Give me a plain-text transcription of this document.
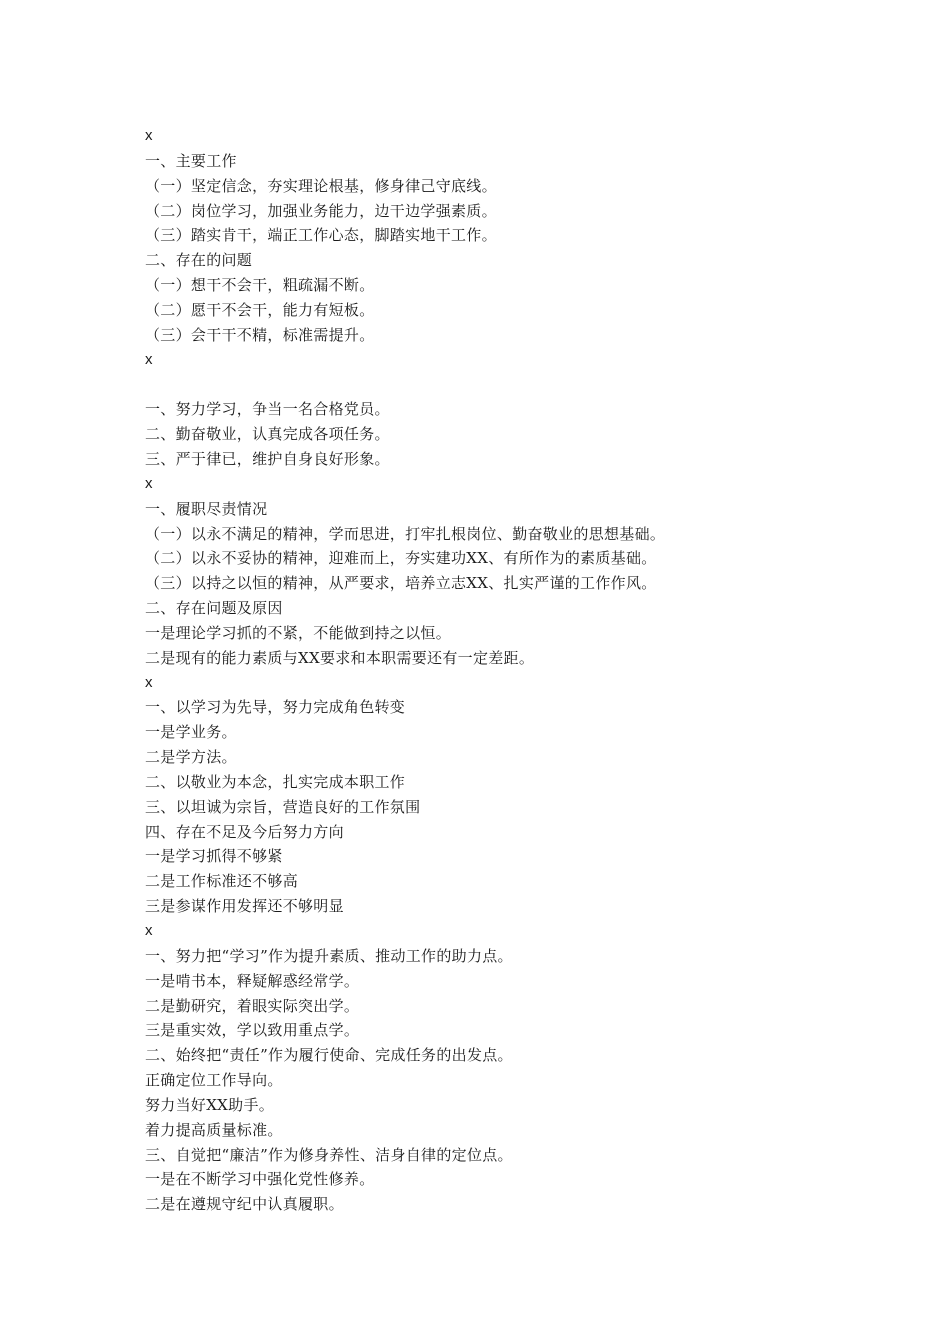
x
一、主要工作
（一）坚定信念，夯实理论根基，修身律己守底线。
（二）岗位学习，加强业务能力，边干边学强素质。
（三）踏实肯干，端正工作心态，脚踏实地干工作。
二、存在的问题
（一）想干不会干，粗疏漏不断。
（二）愿干不会干，能力有短板。
（三）会干干不精，标准需提升。
x
一、努力学习，争当一名合格党员。
二、勤奋敬业，认真完成各项任务。
三、严于律已，维护自身良好形象。
x
一、履职尽责情况
（一）以永不满足的精神，学而思进，打牢扎根岗位、勤奋敬业的思想基础。
（二）以永不妥协的精神，迎难而上，夯实建功XX、有所作为的素质基础。
（三）以持之以恒的精神，从严要求，培养立志XX、扎实严谨的工作作风。
二、存在问题及原因
一是理论学习抓的不紧，不能做到持之以恒。
二是现有的能力素质与XX要求和本职需要还有一定差距。
x
一、以学习为先导，努力完成角色转变
一是学业务。
二是学方法。
二、以敬业为本念，扎实完成本职工作
三、以坦诚为宗旨，营造良好的工作氛围
四、存在不足及今后努力方向
一是学习抓得不够紧
二是工作标准还不够高
三是参谋作用发挥还不够明显
x
一、努力把“学习”作为提升素质、推动工作的助力点。
一是啃书本，释疑解惑经常学。
二是勤研究，着眼实际突出学。
三是重实效，学以致用重点学。
二、始终把“责任”作为履行使命、完成任务的出发点。
正确定位工作导向。
努力当好XX助手。
着力提高质量标准。
三、自觉把“廉洁”作为修身养性、洁身自律的定位点。
一是在不断学习中强化党性修养。
二是在遵规守纪中认真履职。
